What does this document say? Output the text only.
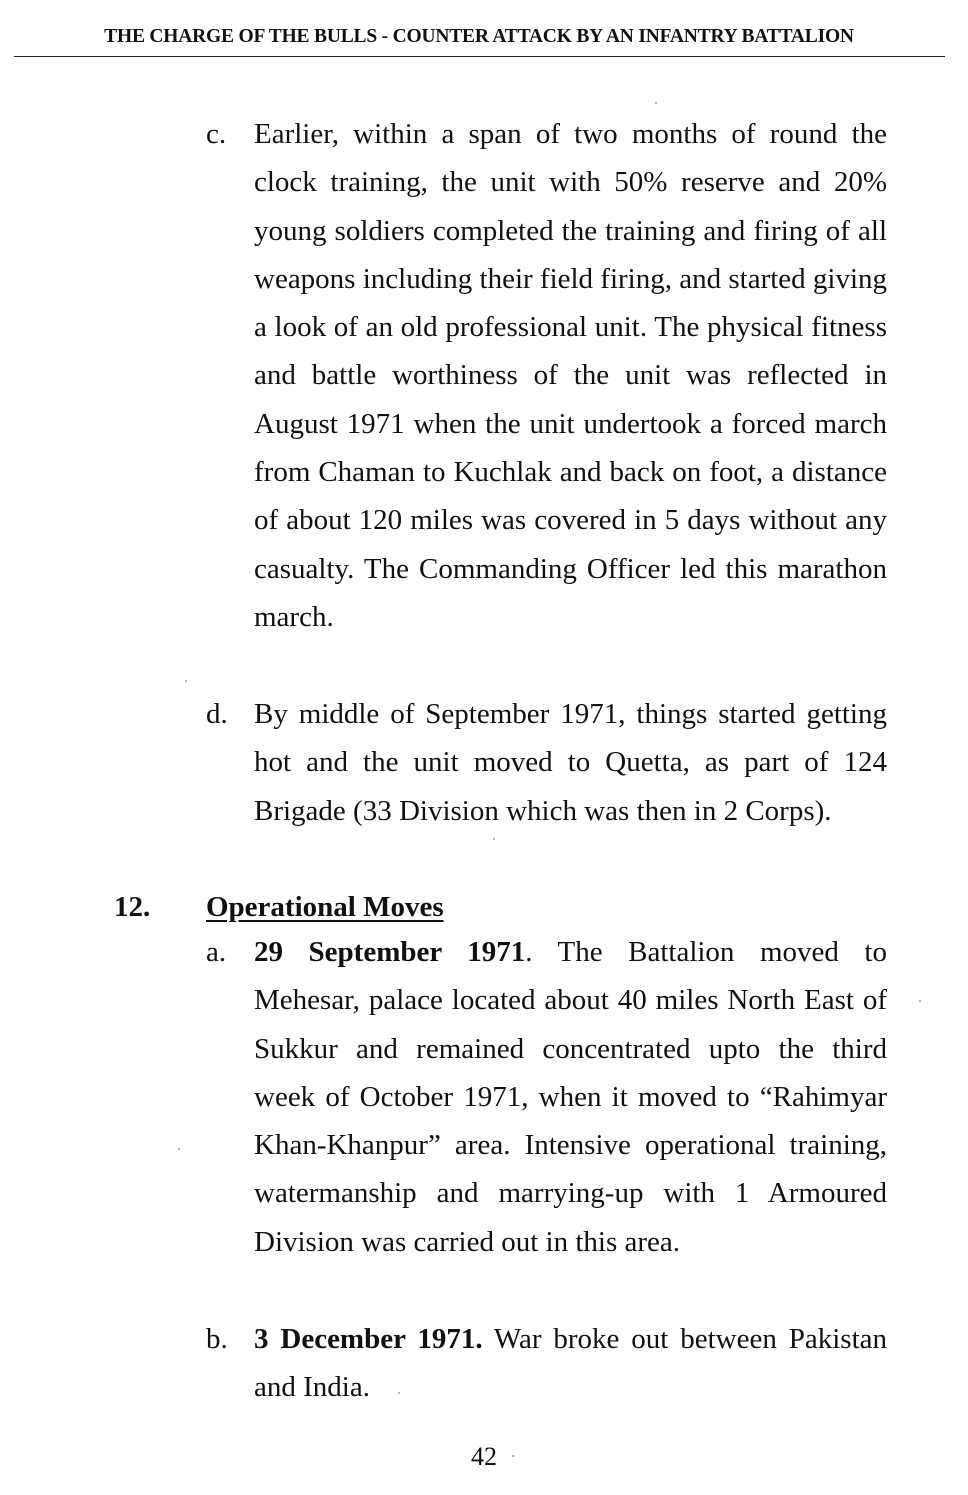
THE CHARGE OF THE BULLS - COUNTER ATTACK BY AN INFANTRY BATTALION
c. Earlier, within a span of two months of round the clock training, the unit with 50% reserve and 20% young soldiers completed the training and firing of all weapons including their field firing, and started giving a look of an old professional unit. The physical fitness and battle worthiness of the unit was reflected in August 1971 when the unit undertook a forced march from Chaman to Kuchlak and back on foot, a distance of about 120 miles was covered in 5 days without any casualty. The Commanding Officer led this marathon march.
d. By middle of September 1971, things started getting hot and the unit moved to Quetta, as part of 124 Brigade (33 Division which was then in 2 Corps).
12. Operational Moves
a. 29 September 1971. The Battalion moved to Mehesar, palace located about 40 miles North East of Sukkur and remained concentrated upto the third week of October 1971, when it moved to “Rahimyar Khan-Khanpur” area. Intensive operational training, watermanship and marrying-up with 1 Armoured Division was carried out in this area.
b. 3 December 1971. War broke out between Pakistan and India.
42
